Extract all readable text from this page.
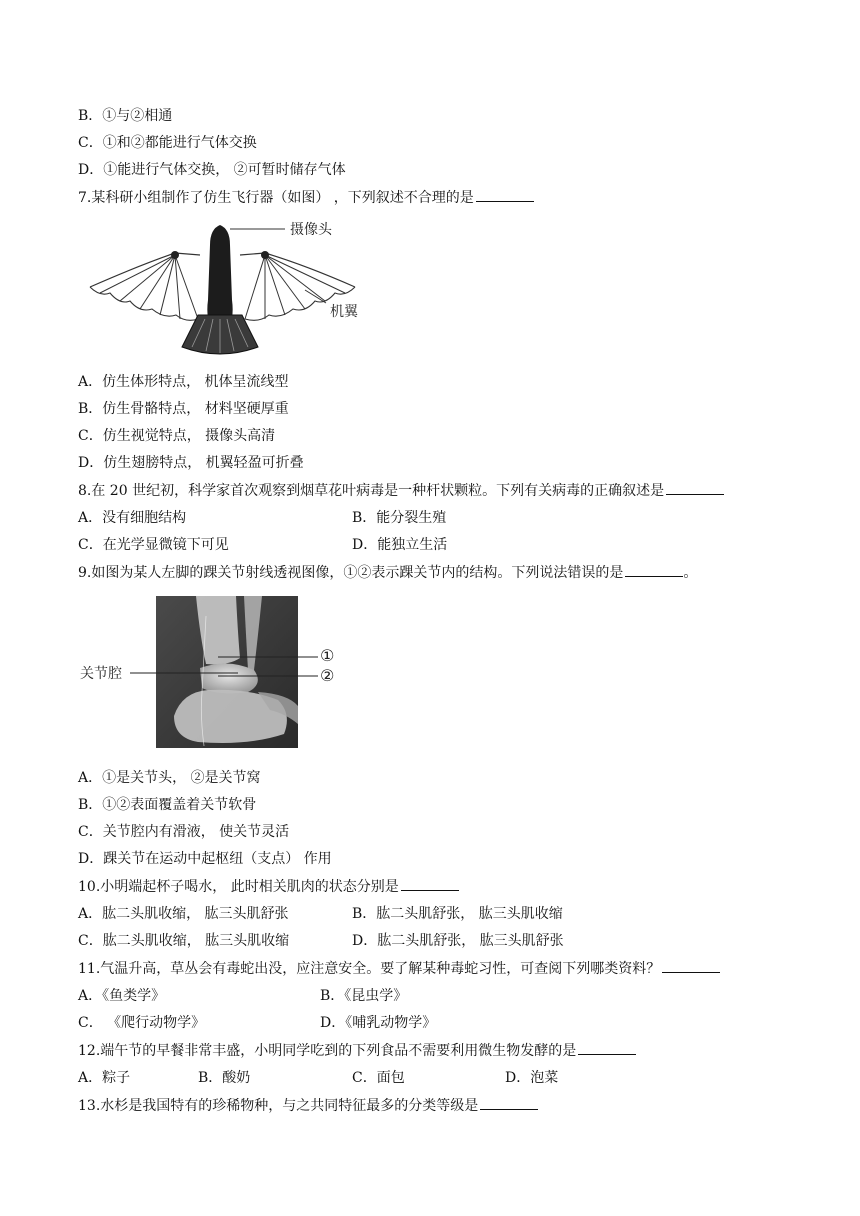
B．①与②相通
C．①和②都能进行气体交换
D．①能进行气体交换， ②可暂时储存气体
7.某科研小组制作了仿生飞行器（如图） ，下列叙述不合理的是
摄像头
机翼
A．仿生体形特点， 机体呈流线型
B．仿生骨骼特点， 材料坚硬厚重
C．仿生视觉特点， 摄像头高清
D．仿生翅膀特点， 机翼轻盈可折叠
8.在 20 世纪初，科学家首次观察到烟草花叶病毒是一种杆状颗粒。下列有关病毒的正确叙述是
A．没有细胞结构	B．能分裂生殖
C．在光学显微镜下可见	D．能独立生活
9.如图为某人左脚的踝关节射线透视图像，①②表示踝关节内的结构。下列说法错误的是	。
关节腔
①
②
A．①是关节头， ②是关节窝
B．①②表面覆盖着关节软骨
C．关节腔内有滑液， 使关节灵活
D．踝关节在运动中起枢纽（支点） 作用
10.小明端起杯子喝水， 此时相关肌肉的状态分别是
A．肱二头肌收缩， 肱三头肌舒张	B．肱二头肌舒张， 肱三头肌收缩
C．肱二头肌收缩， 肱三头肌收缩	D．肱二头肌舒张， 肱三头肌舒张
11.气温升高，草丛会有毒蛇出没，应注意安全。要了解某种毒蛇习性，可查阅下列哪类资料？
A．《鱼类学》	B．《昆虫学》
C． 《爬行动物学》	D．《哺乳动物学》
12.端午节的早餐非常丰盛，小明同学吃到的下列食品不需要利用微生物发酵的是
A．粽子	B．酸奶	C．面包	D．泡菜
13.水杉是我国特有的珍稀物种，与之共同特征最多的分类等级是
